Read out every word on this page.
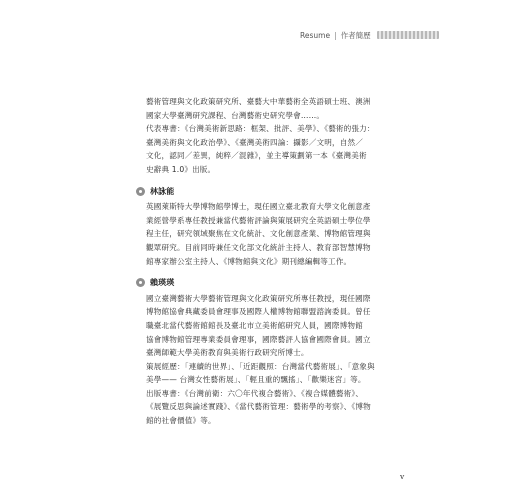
Resume | 作者簡歷

藝術管理與文化政策研究所、臺藝大中華藝術全英語碩士班、澳洲

國家大學臺灣研究課程、台灣藝術史研究學會……。

代表專書：《台灣美術新思路：框架、批評、美學》、《藝術的張力：

臺灣美術與文化政治學》、《臺灣美術四論：攝影／文明，自然／

文化，認同／差異，純粹／混雜》，並主導策劃第一本《臺灣美術

史辭典 1.0》出版。

林詠能

英國萊斯特大學博物館學博士，現任國立臺北教育大學文化創意產

業經營學系專任教授兼當代藝術評論與策展研究全英語碩士學位學

程主任，研究領域聚焦在文化統計、文化創意產業、博物館管理與

觀眾研究。目前同時兼任文化部文化統計主持人、教育部智慧博物

館專家辦公室主持人、《博物館與文化》期刊總編輯等工作。

賴瑛瑛

國立臺灣藝術大學藝術管理與文化政策研究所專任教授，現任國際

博物館協會典藏委員會理事及國際人權博物館聯盟諮詢委員。曾任

職臺北當代藝術館館長及臺北市立美術館研究人員，國際博物館

協會博物館管理專業委員會理事，國際藝評人協會國際會員。國立

臺灣師範大學美術教育與美術行政研究所博士。

策展經歷：「連續的世界」、「近距觀照：台灣當代藝術展」、「意象與

美學—— 台灣女性藝術展」、「輕且重的飄搖」、「歡樂迷宮」等。

出版專書：《台灣前衛：六〇年代複合藝術》、《複合媒體藝術》、

《展覽反思與論述實踐》、《當代藝術管理：藝術學的考察》、《博物

館的社會價值》等。

v
